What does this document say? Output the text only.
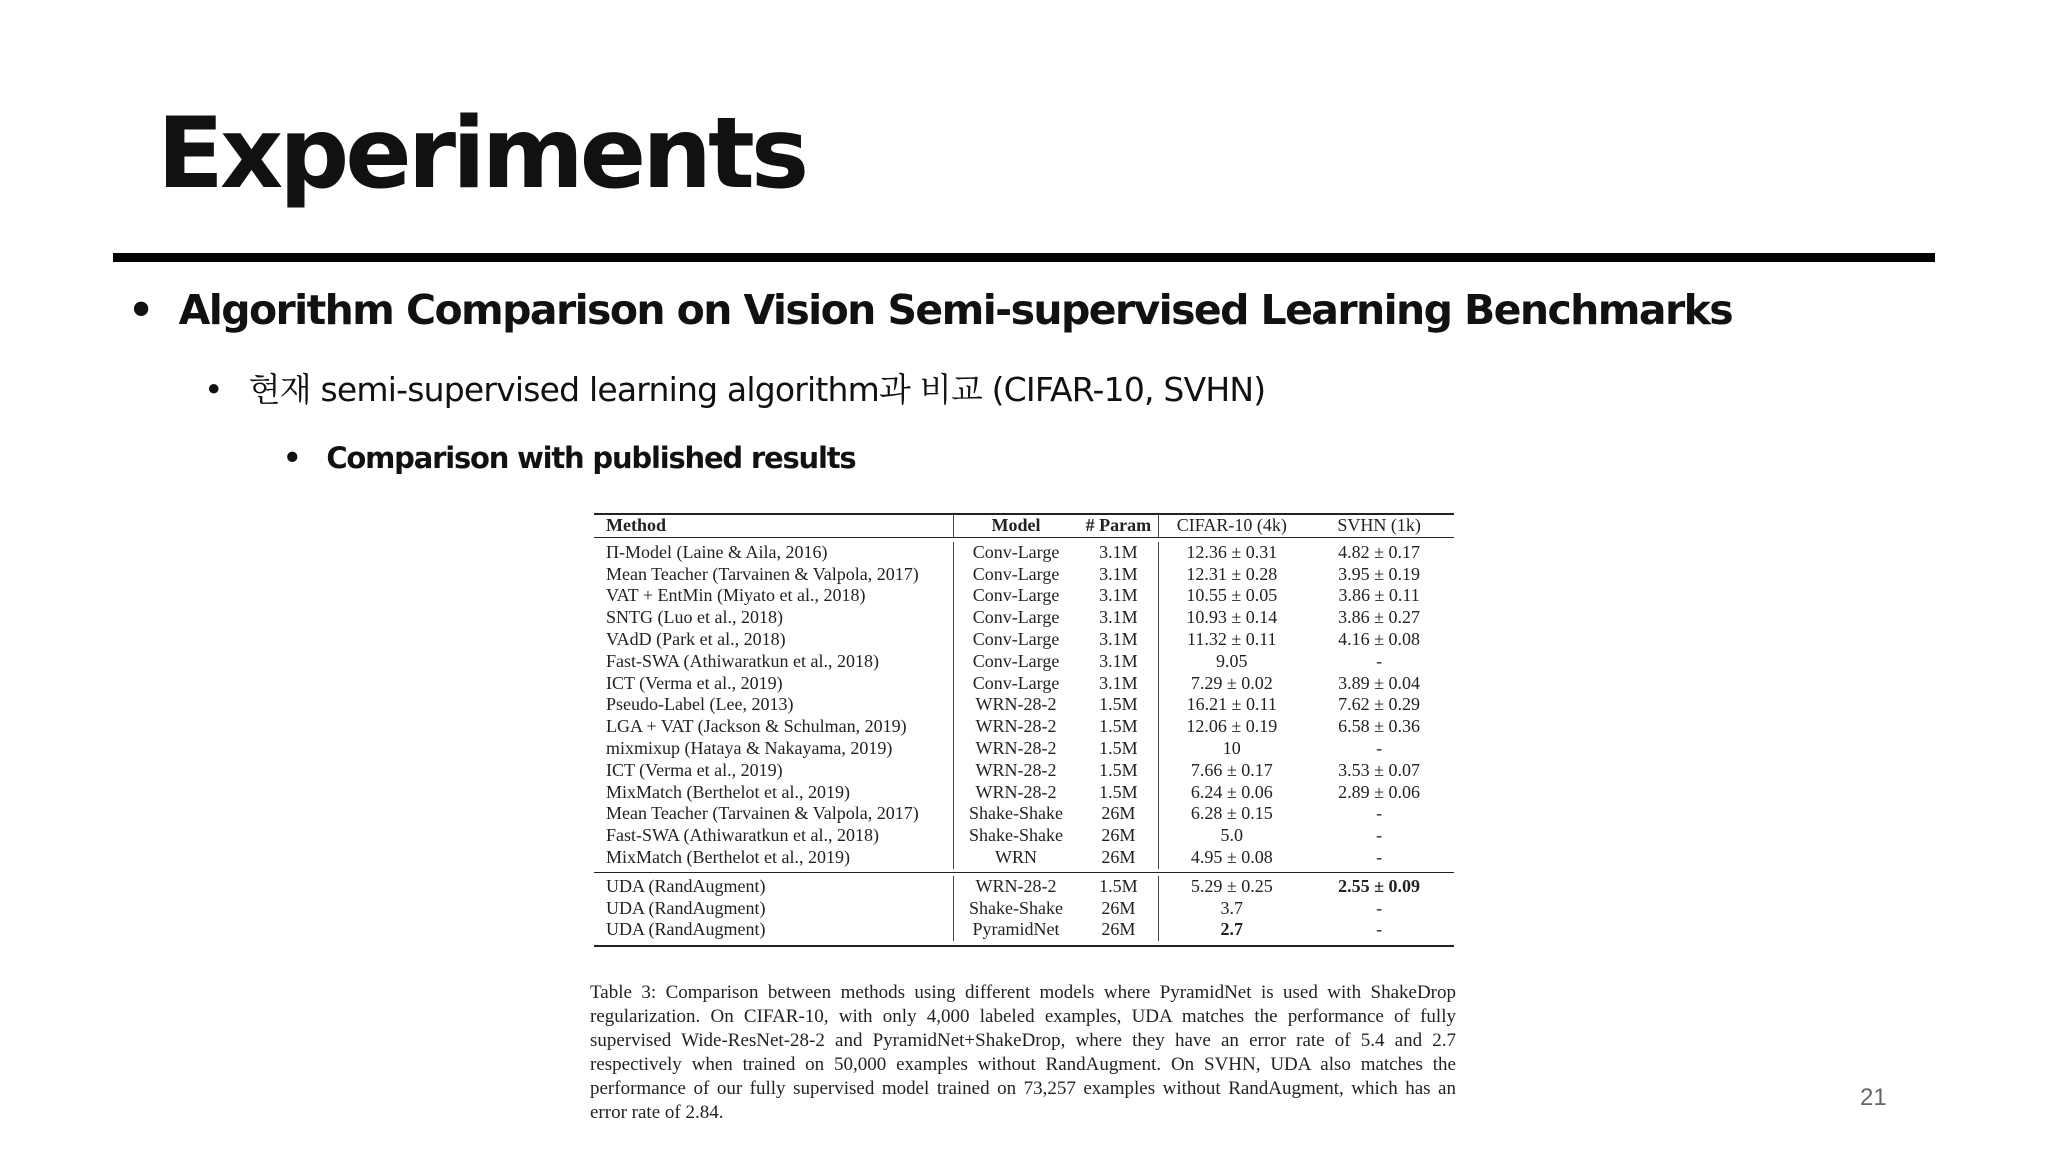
Experiments
• Algorithm Comparison on Vision Semi-supervised Learning Benchmarks
• 현재 semi-supervised learning algorithm과 비교 (CIFAR-10, SVHN)
• Comparison with published results
Method	Model	# Param	CIFAR-10 (4k)	SVHN (1k)
Π-Model (Laine & Aila, 2016)	Conv-Large	3.1M	12.36 ± 0.31	4.82 ± 0.17
Mean Teacher (Tarvainen & Valpola, 2017)	Conv-Large	3.1M	12.31 ± 0.28	3.95 ± 0.19
VAT + EntMin (Miyato et al., 2018)	Conv-Large	3.1M	10.55 ± 0.05	3.86 ± 0.11
SNTG (Luo et al., 2018)	Conv-Large	3.1M	10.93 ± 0.14	3.86 ± 0.27
VAdD (Park et al., 2018)	Conv-Large	3.1M	11.32 ± 0.11	4.16 ± 0.08
Fast-SWA (Athiwaratkun et al., 2018)	Conv-Large	3.1M	9.05	-
ICT (Verma et al., 2019)	Conv-Large	3.1M	7.29 ± 0.02	3.89 ± 0.04
Pseudo-Label (Lee, 2013)	WRN-28-2	1.5M	16.21 ± 0.11	7.62 ± 0.29
LGA + VAT (Jackson & Schulman, 2019)	WRN-28-2	1.5M	12.06 ± 0.19	6.58 ± 0.36
mixmixup (Hataya & Nakayama, 2019)	WRN-28-2	1.5M	10	-
ICT (Verma et al., 2019)	WRN-28-2	1.5M	7.66 ± 0.17	3.53 ± 0.07
MixMatch (Berthelot et al., 2019)	WRN-28-2	1.5M	6.24 ± 0.06	2.89 ± 0.06
Mean Teacher (Tarvainen & Valpola, 2017)	Shake-Shake	26M	6.28 ± 0.15	-
Fast-SWA (Athiwaratkun et al., 2018)	Shake-Shake	26M	5.0	-
MixMatch (Berthelot et al., 2019)	WRN	26M	4.95 ± 0.08	-
UDA (RandAugment)	WRN-28-2	1.5M	5.29 ± 0.25	2.55 ± 0.09
UDA (RandAugment)	Shake-Shake	26M	3.7	-
UDA (RandAugment)	PyramidNet	26M	2.7	-
Table 3: Comparison between methods using different models where PyramidNet is used with ShakeDrop regularization. On CIFAR-10, with only 4,000 labeled examples, UDA matches the performance of fully supervised Wide-ResNet-28-2 and PyramidNet+ShakeDrop, where they have an error rate of 5.4 and 2.7 respectively when trained on 50,000 examples without RandAugment. On SVHN, UDA also matches the performance of our fully supervised model trained on 73,257 examples without RandAugment, which has an error rate of 2.84.
21
